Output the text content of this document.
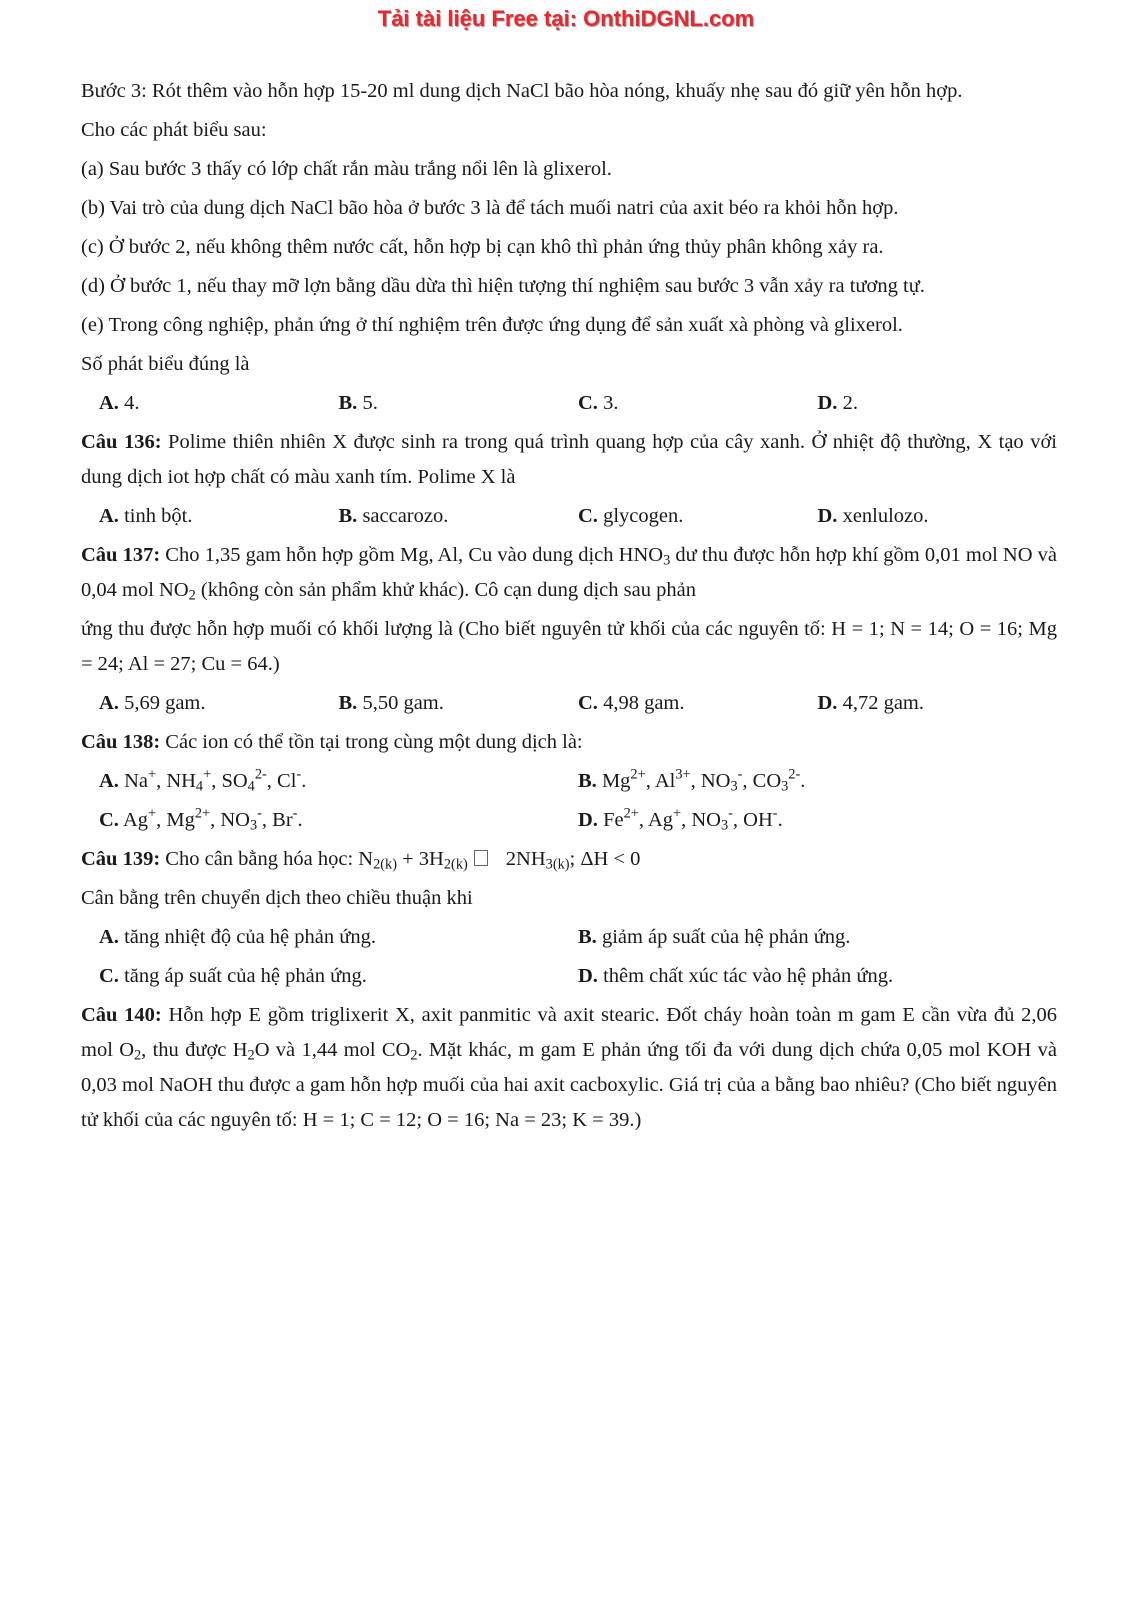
Tải tài liệu Free tại: OnthiDGNL.com

Bước 3: Rót thêm vào hỗn hợp 15-20 ml dung dịch NaCl bão hòa nóng, khuấy nhẹ sau đó giữ yên hỗn hợp.

Cho các phát biểu sau:

(a) Sau bước 3 thấy có lớp chất rắn màu trắng nổi lên là glixerol.

(b) Vai trò của dung dịch NaCl bão hòa ở bước 3 là để tách muối natri của axit béo ra khỏi hỗn hợp.

(c) Ở bước 2, nếu không thêm nước cất, hỗn hợp bị cạn khô thì phản ứng thủy phân không xảy ra.

(d) Ở bước 1, nếu thay mỡ lợn bằng dầu dừa thì hiện tượng thí nghiệm sau bước 3 vẫn xảy ra tương tự.

(e) Trong công nghiệp, phản ứng ở thí nghiệm trên được ứng dụng để sản xuất xà phòng và glixerol.

Số phát biểu đúng là

A. 4.	B. 5.	C. 3.	D. 2.

Câu 136: Polime thiên nhiên X được sinh ra trong quá trình quang hợp của cây xanh. Ở nhiệt độ thường, X tạo với dung dịch iot hợp chất có màu xanh tím. Polime X là

A. tinh bột.	B. saccarozo.	C. glycogen.	D. xenlulozo.

Câu 137: Cho 1,35 gam hỗn hợp gồm Mg, Al, Cu vào dung dịch $HNO_3$ dư thu được hỗn hợp khí gồm 0,01 mol NO và 0,04 mol $NO_2$ (không còn sản phẩm khử khác). Cô cạn dung dịch sau phản

ứng thu được hỗn hợp muối có khối lượng là (Cho biết nguyên tử khối của các nguyên tố: H = 1; N = 14; O = 16; Mg = 24; Al = 27; Cu = 64.)

A. 5,69 gam.	B. 5,50 gam.	C. 4,98 gam.	D. 4,72 gam.

Câu 138: Các ion có thể tồn tại trong cùng một dung dịch là:

A. Na+, $NH_4^+$, $SO_4^{2-}$, Cl-.	B. $Mg^{2+}$, $Al^{3+}$, $NO_3^-$, $CO_3^{2-}$.
C. Ag+, $Mg^{2+}$, $NO_3^-$, Br-.	D. $Fe^{2+}$, Ag+, $NO_3^-$, OH-.

Câu 139: Cho cân bằng hóa học: $N_{2(k)} + 3H_{2(k)}$ $2NH_{3(k)}$; ΔH < 0

Cân bằng trên chuyển dịch theo chiều thuận khi

A. tăng nhiệt độ của hệ phản ứng.	B. giảm áp suất của hệ phản ứng.
C. tăng áp suất của hệ phản ứng.	D. thêm chất xúc tác vào hệ phản ứng.

Câu 140: Hỗn hợp E gồm triglixerit X, axit panmitic và axit stearic. Đốt cháy hoàn toàn m gam E cần vừa đủ 2,06 mol $O_2$, thu được $H_2O$ và 1,44 mol $CO_2$. Mặt khác, m gam E phản ứng tối đa với dung dịch chứa 0,05 mol KOH và 0,03 mol NaOH thu được a gam hỗn hợp muối của hai axit cacboxylic. Giá trị của a bằng bao nhiêu? (Cho biết nguyên tử khối của các nguyên tố: H = 1; C = 12; O = 16; Na = 23; K = 39.)
